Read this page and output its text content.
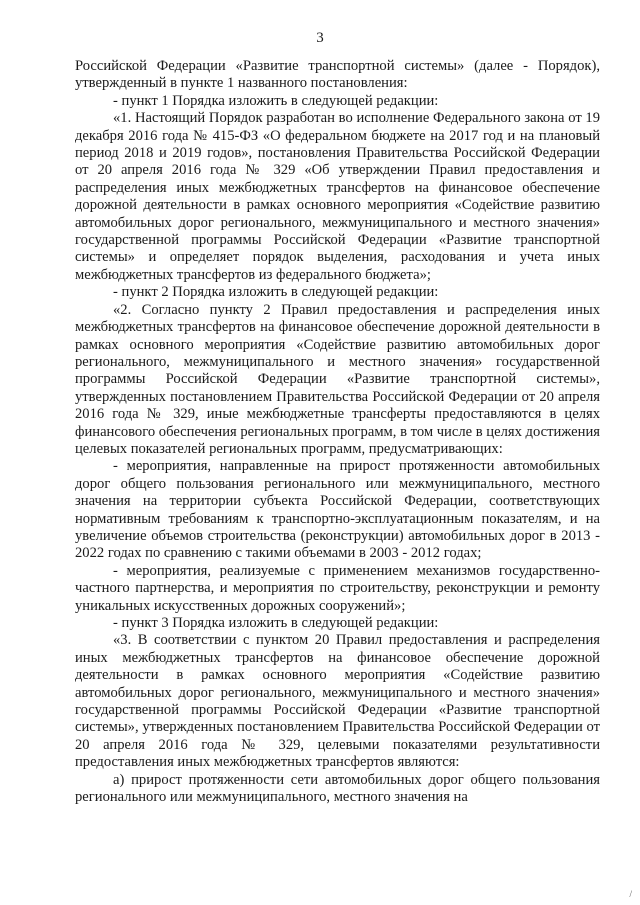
3

Российской Федерации «Развитие транспортной системы» (далее - Порядок), утвержденный в пункте 1 названного постановления:

- пункт 1 Порядка изложить в следующей редакции:

«1. Настоящий Порядок разработан во исполнение Федерального закона от 19 декабря 2016 года № 415-ФЗ «О федеральном бюджете на 2017 год и на плановый период 2018 и 2019 годов», постановления Правительства Российской Федерации от 20 апреля 2016 года № 329 «Об утверждении Правил предоставления и распределения иных межбюджетных трансфертов на финансовое обеспечение дорожной деятельности в рамках основного мероприятия «Содействие развитию автомобильных дорог регионального, межмуниципального и местного значения» государственной программы Российской Федерации «Развитие транспортной системы» и определяет порядок выделения, расходования и учета иных межбюджетных трансфертов из федерального бюджета»;

- пункт 2 Порядка изложить в следующей редакции:

«2. Согласно пункту 2 Правил предоставления и распределения иных межбюджетных трансфертов на финансовое обеспечение дорожной деятельности в рамках основного мероприятия «Содействие развитию автомобильных дорог регионального, межмуниципального и местного значения» государственной программы Российской Федерации «Развитие транспортной системы», утвержденных постановлением Правительства Российской Федерации от 20 апреля 2016 года № 329, иные межбюджетные трансферты предоставляются в целях финансового обеспечения региональных программ, в том числе в целях достижения целевых показателей региональных программ, предусматривающих:

- мероприятия, направленные на прирост протяженности автомобильных дорог общего пользования регионального или межмуниципального, местного значения на территории субъекта Российской Федерации, соответствующих нормативным требованиям к транспортно-эксплуатационным показателям, и на увеличение объемов строительства (реконструкции) автомобильных дорог в 2013 - 2022 годах по сравнению с такими объемами в 2003 - 2012 годах;

- мероприятия, реализуемые с применением механизмов государственно-частного партнерства, и мероприятия по строительству, реконструкции и ремонту уникальных искусственных дорожных сооружений»;

- пункт 3 Порядка изложить в следующей редакции:

«3. В соответствии с пунктом 20 Правил предоставления и распределения иных межбюджетных трансфертов на финансовое обеспечение дорожной деятельности в рамках основного мероприятия «Содействие развитию автомобильных дорог регионального, межмуниципального и местного значения» государственной программы Российской Федерации «Развитие транспортной системы», утвержденных постановлением Правительства Российской Федерации от 20 апреля 2016 года № 329, целевыми показателями результативности предоставления иных межбюджетных трансфертов являются:

а) прирост протяженности сети автомобильных дорог общего пользования регионального или межмуниципального, местного значения на

/
